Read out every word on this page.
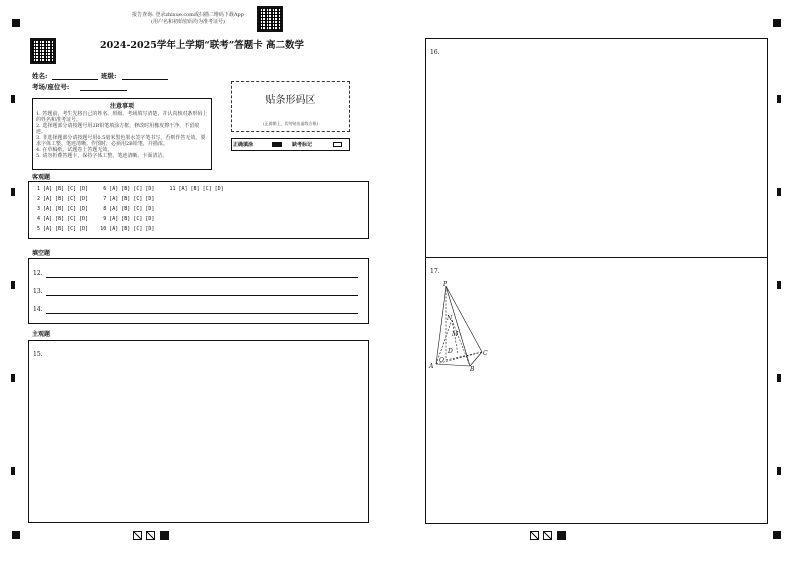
报告查询: 登录zhixue.com或扫描二维码下载App
(用户名和初始密码均为准考证号)
2024-2025学年上学期“联考”答题卡 高二数学
姓名:	班级:
考场/座位号:
注意事项
1. 答题前，考生先将自己的姓名、班级、考场填写清楚，并认真核对条形码上的姓名和准考证号。
2. 选择题部分请按题号用2B铅笔填涂方框，修改时用橡皮擦干净，不留痕迹。
3. 非选择题部分请按题号用0.5毫米黑色墨水签字笔书写，否则作答无效。要求字体工整、笔迹清晰。作图时，必须用2B铅笔，并描浓。
4. 在草稿纸、试题卷上答题无效。
5. 请勿折叠答题卡，保持字体工整、笔迹清晰、卡面清洁。
贴条形码区
(正面朝上，切勿贴出虚线方框)
正确填涂	缺考标记
客观题
1 [A] [B] [C] [D]     6 [A] [B] [C] [D]     11 [A] [B] [C] [D]
2 [A] [B] [C] [D]     7 [A] [B] [C] [D]
3 [A] [B] [C] [D]     8 [A] [B] [C] [D]
4 [A] [B] [C] [D]     9 [A] [B] [C] [D]
5 [A] [B] [C] [D]    10 [A] [B] [C] [D]
填空题
12.
13.
14.
主观题
15.
16.
17.
P
N
M
D
A	B
C
O
